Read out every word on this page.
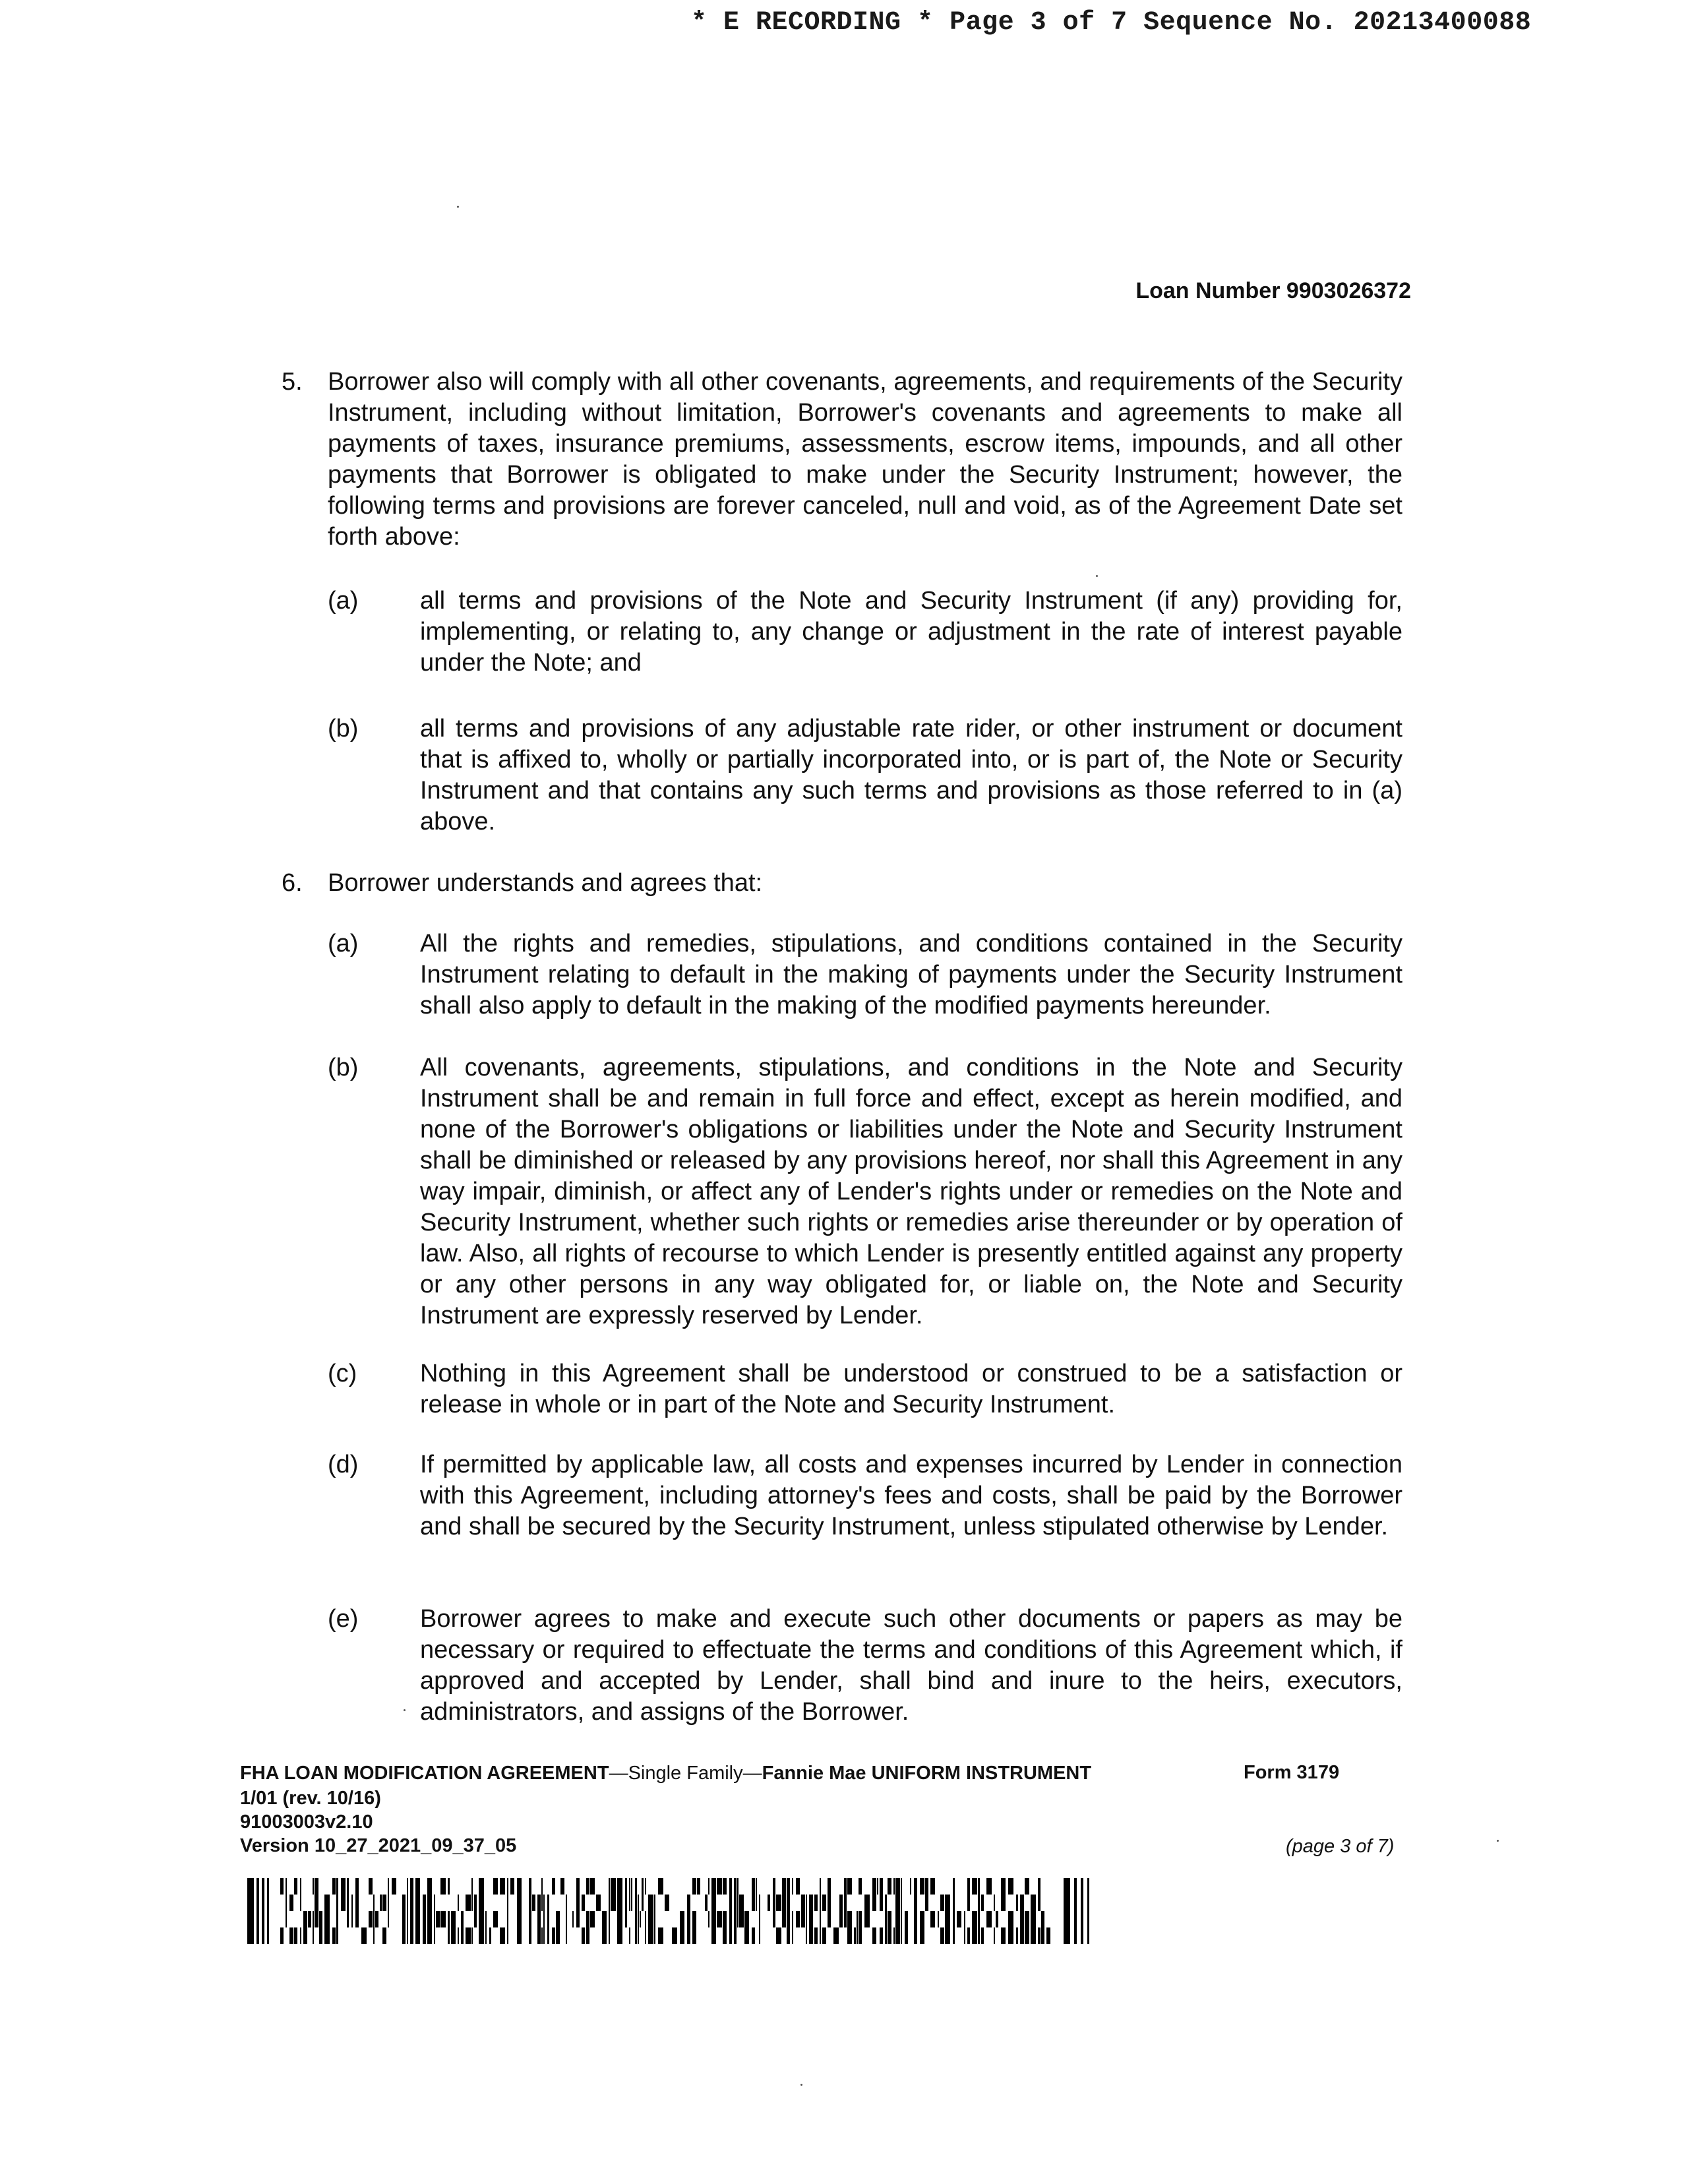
* E RECORDING * Page 3 of 7 Sequence No. 20213400088
Loan Number 9903026372
5. Borrower also will comply with all other covenants, agreements, and requirements of the Security Instrument, including without limitation, Borrower's covenants and agreements to make all payments of taxes, insurance premiums, assessments, escrow items, impounds, and all other payments that Borrower is obligated to make under the Security Instrument; however, the following terms and provisions are forever canceled, null and void, as of the Agreement Date set forth above:
(a) all terms and provisions of the Note and Security Instrument (if any) providing for, implementing, or relating to, any change or adjustment in the rate of interest payable under the Note; and
(b) all terms and provisions of any adjustable rate rider, or other instrument or document that is affixed to, wholly or partially incorporated into, or is part of, the Note or Security Instrument and that contains any such terms and provisions as those referred to in (a) above.
6. Borrower understands and agrees that:
(a) All the rights and remedies, stipulations, and conditions contained in the Security Instrument relating to default in the making of payments under the Security Instrument shall also apply to default in the making of the modified payments hereunder.
(b) All covenants, agreements, stipulations, and conditions in the Note and Security Instrument shall be and remain in full force and effect, except as herein modified, and none of the Borrower's obligations or liabilities under the Note and Security Instrument shall be diminished or released by any provisions hereof, nor shall this Agreement in any way impair, diminish, or affect any of Lender's rights under or remedies on the Note and Security Instrument, whether such rights or remedies arise thereunder or by operation of law. Also, all rights of recourse to which Lender is presently entitled against any property or any other persons in any way obligated for, or liable on, the Note and Security Instrument are expressly reserved by Lender.
(c)	Nothing in this Agreement shall be understood or construed to be a satisfaction or release in whole or in part of the Note and Security Instrument.
(d) If permitted by applicable law, all costs and expenses incurred by Lender in connection with this Agreement, including attorney's fees and costs, shall be paid by the Borrower and shall be secured by the Security Instrument, unless stipulated otherwise by Lender.
(e) Borrower agrees to make and execute such other documents or papers as may be necessary or required to effectuate the terms and conditions of this Agreement which, if approved and accepted by Lender, shall bind and inure to the heirs, executors, administrators, and assigns of the Borrower.
FHA LOAN MODIFICATION AGREEMENT—Single Family—Fannie Mae UNIFORM INSTRUMENT
1/01 (rev. 10/16)
91003003v2.10
Version 10_27_2021_09_37_05
Form 3179
(page 3 of 7)
